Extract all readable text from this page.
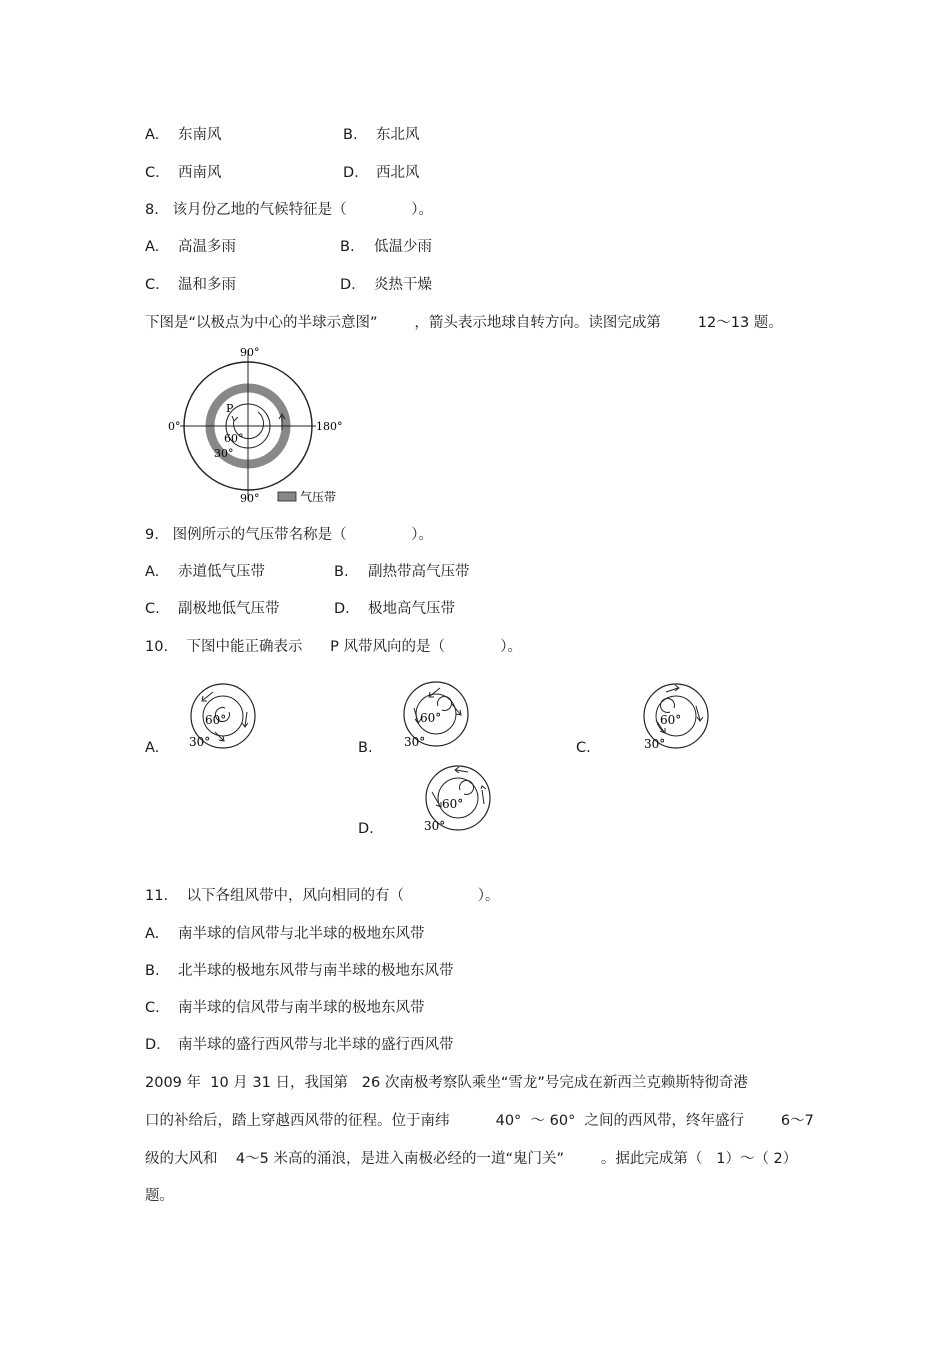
A. 东南风	B. 东北风
C. 西南风	D. 西北风
8.   该月份乙地的气候特征是（              ）。
A. 高温多雨	B. 低温少雨
C. 温和多雨	D. 炎热干燥
下图是“以极点为中心的半球示意图”        ，箭头表示地球自转方向。读图完成第        12～13 题。
90°
90°
0°	180°
P
60°
30°
气压带
9.   图例所示的气压带名称是（              ）。
A. 赤道低气压带	B. 副热带高气压带
C. 副极地低气压带	D. 极地高气压带
10.    下图中能正确表示      P 风带风向的是（            ）。
A.	B.	C.
D.
60°
30°
60°
30°
60°
30°
60°
30°
11.    以下各组风带中，风向相同的有（                ）。
A. 南半球的信风带与北半球的极地东风带
B. 北半球的极地东风带与南半球的极地东风带
C. 南半球的信风带与南半球的极地东风带
D. 南半球的盛行西风带与北半球的盛行西风带
2009 年  10 月 31 日，我国第   26 次南极考察队乘坐“雪龙”号完成在新西兰克赖斯特彻奇港
口的补给后，踏上穿越西风带的征程。位于南纬          40°  ～ 60°  之间的西风带，终年盛行        6～7
级的大风和    4～5 米高的涌浪，是进入南极必经的一道“鬼门关”        。据此完成第（   1）～（ 2）
题。
